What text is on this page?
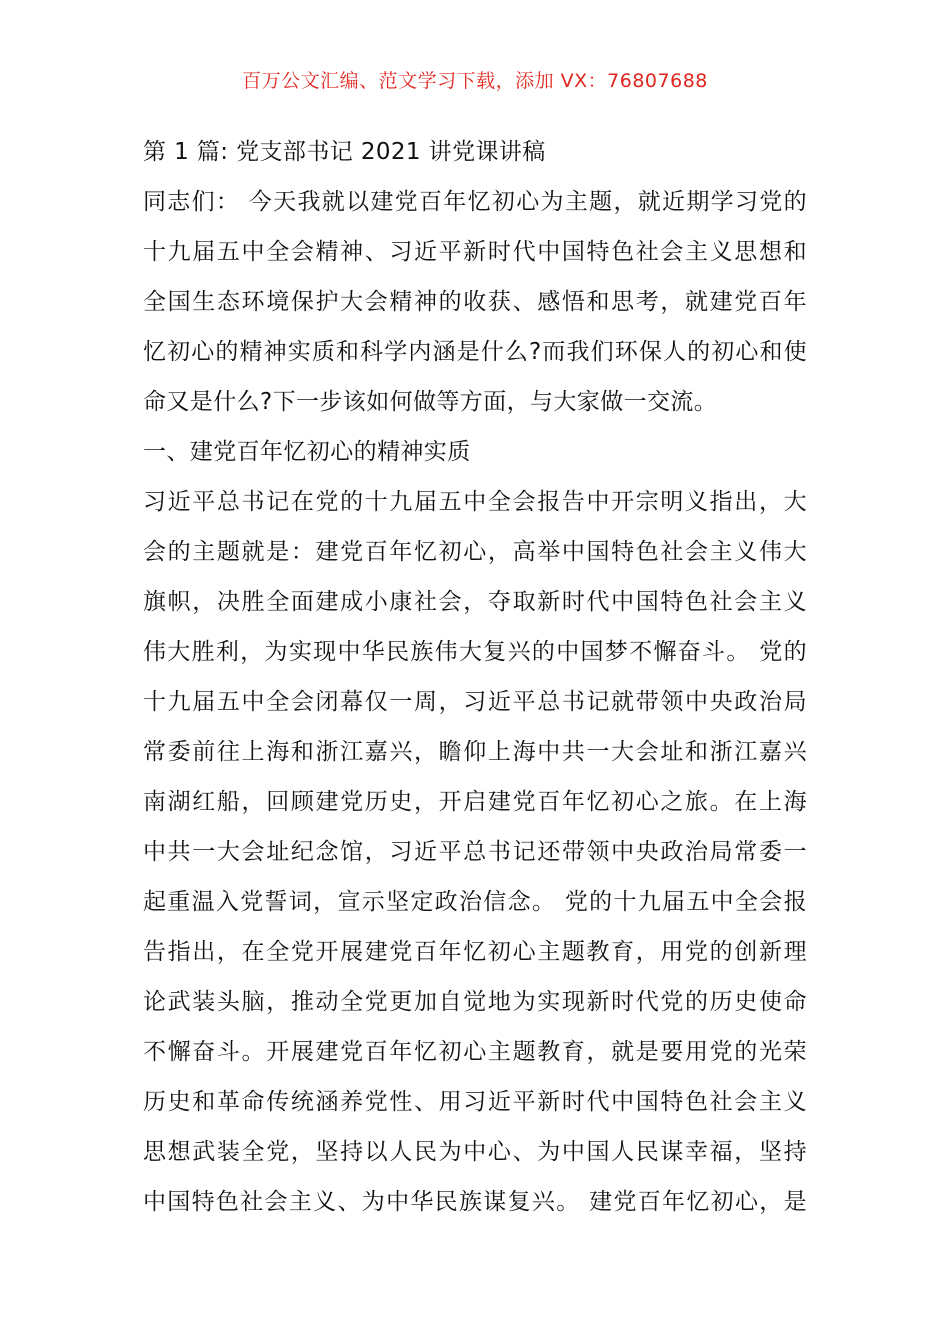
百万公文汇编、范文学习下载，添加 VX：76807688
第 1 篇: 党支部书记 2021 讲党课讲稿
同志们： 今天我就以建党百年忆初心为主题，就近期学习党的
十九届五中全会精神、习近平新时代中国特色社会主义思想和
全国生态环境保护大会精神的收获、感悟和思考，就建党百年
忆初心的精神实质和科学内涵是什么?而我们环保人的初心和使
命又是什么?下一步该如何做等方面，与大家做一交流。
一、建党百年忆初心的精神实质
习近平总书记在党的十九届五中全会报告中开宗明义指出，大
会的主题就是：建党百年忆初心，高举中国特色社会主义伟大
旗帜，决胜全面建成小康社会，夺取新时代中国特色社会主义
伟大胜利，为实现中华民族伟大复兴的中国梦不懈奋斗。 党的
十九届五中全会闭幕仅一周，习近平总书记就带领中央政治局
常委前往上海和浙江嘉兴，瞻仰上海中共一大会址和浙江嘉兴
南湖红船，回顾建党历史，开启建党百年忆初心之旅。在上海
中共一大会址纪念馆，习近平总书记还带领中央政治局常委一
起重温入党誓词，宣示坚定政治信念。 党的十九届五中全会报
告指出，在全党开展建党百年忆初心主题教育，用党的创新理
论武装头脑，推动全党更加自觉地为实现新时代党的历史使命
不懈奋斗。开展建党百年忆初心主题教育，就是要用党的光荣
历史和革命传统涵养党性、用习近平新时代中国特色社会主义
思想武装全党，坚持以人民为中心、为中国人民谋幸福，坚持
中国特色社会主义、为中华民族谋复兴。 建党百年忆初心，是
